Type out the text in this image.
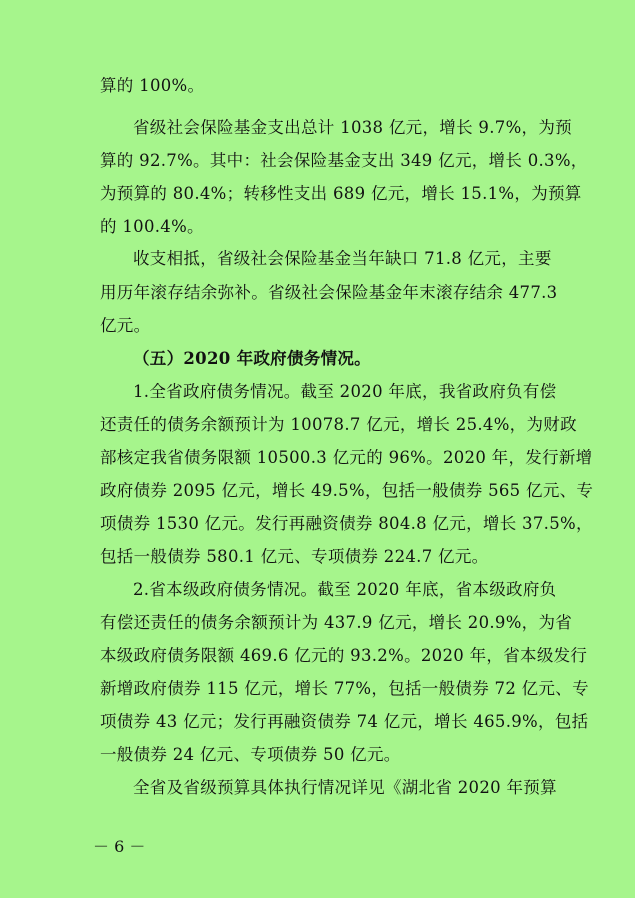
算的 100%。
省级社会保险基金支出总计 1038 亿元，增长 9.7%，为预
算的 92.7%。其中：社会保险基金支出 349 亿元，增长 0.3%，
为预算的 80.4%；转移性支出 689 亿元，增长 15.1%，为预算
的 100.4%。
收支相抵，省级社会保险基金当年缺口 71.8 亿元，主要
用历年滚存结余弥补。省级社会保险基金年末滚存结余 477.3
亿元。
（五）2020 年政府债务情况。
1.全省政府债务情况。截至 2020 年底，我省政府负有偿
还责任的债务余额预计为 10078.7 亿元，增长 25.4%，为财政
部核定我省债务限额 10500.3 亿元的 96%。2020 年，发行新增
政府债券 2095 亿元，增长 49.5%，包括一般债券 565 亿元、专
项债券 1530 亿元。发行再融资债券 804.8 亿元，增长 37.5%，
包括一般债券 580.1 亿元、专项债券 224.7 亿元。
2.省本级政府债务情况。截至 2020 年底，省本级政府负
有偿还责任的债务余额预计为 437.9 亿元，增长 20.9%，为省
本级政府债务限额 469.6 亿元的 93.2%。2020 年，省本级发行
新增政府债券 115 亿元，增长 77%，包括一般债券 72 亿元、专
项债券 43 亿元；发行再融资债券 74 亿元，增长 465.9%，包括
一般债券 24 亿元、专项债券 50 亿元。
全省及省级预算具体执行情况详见《湖北省 2020 年预算
－ 6 －
